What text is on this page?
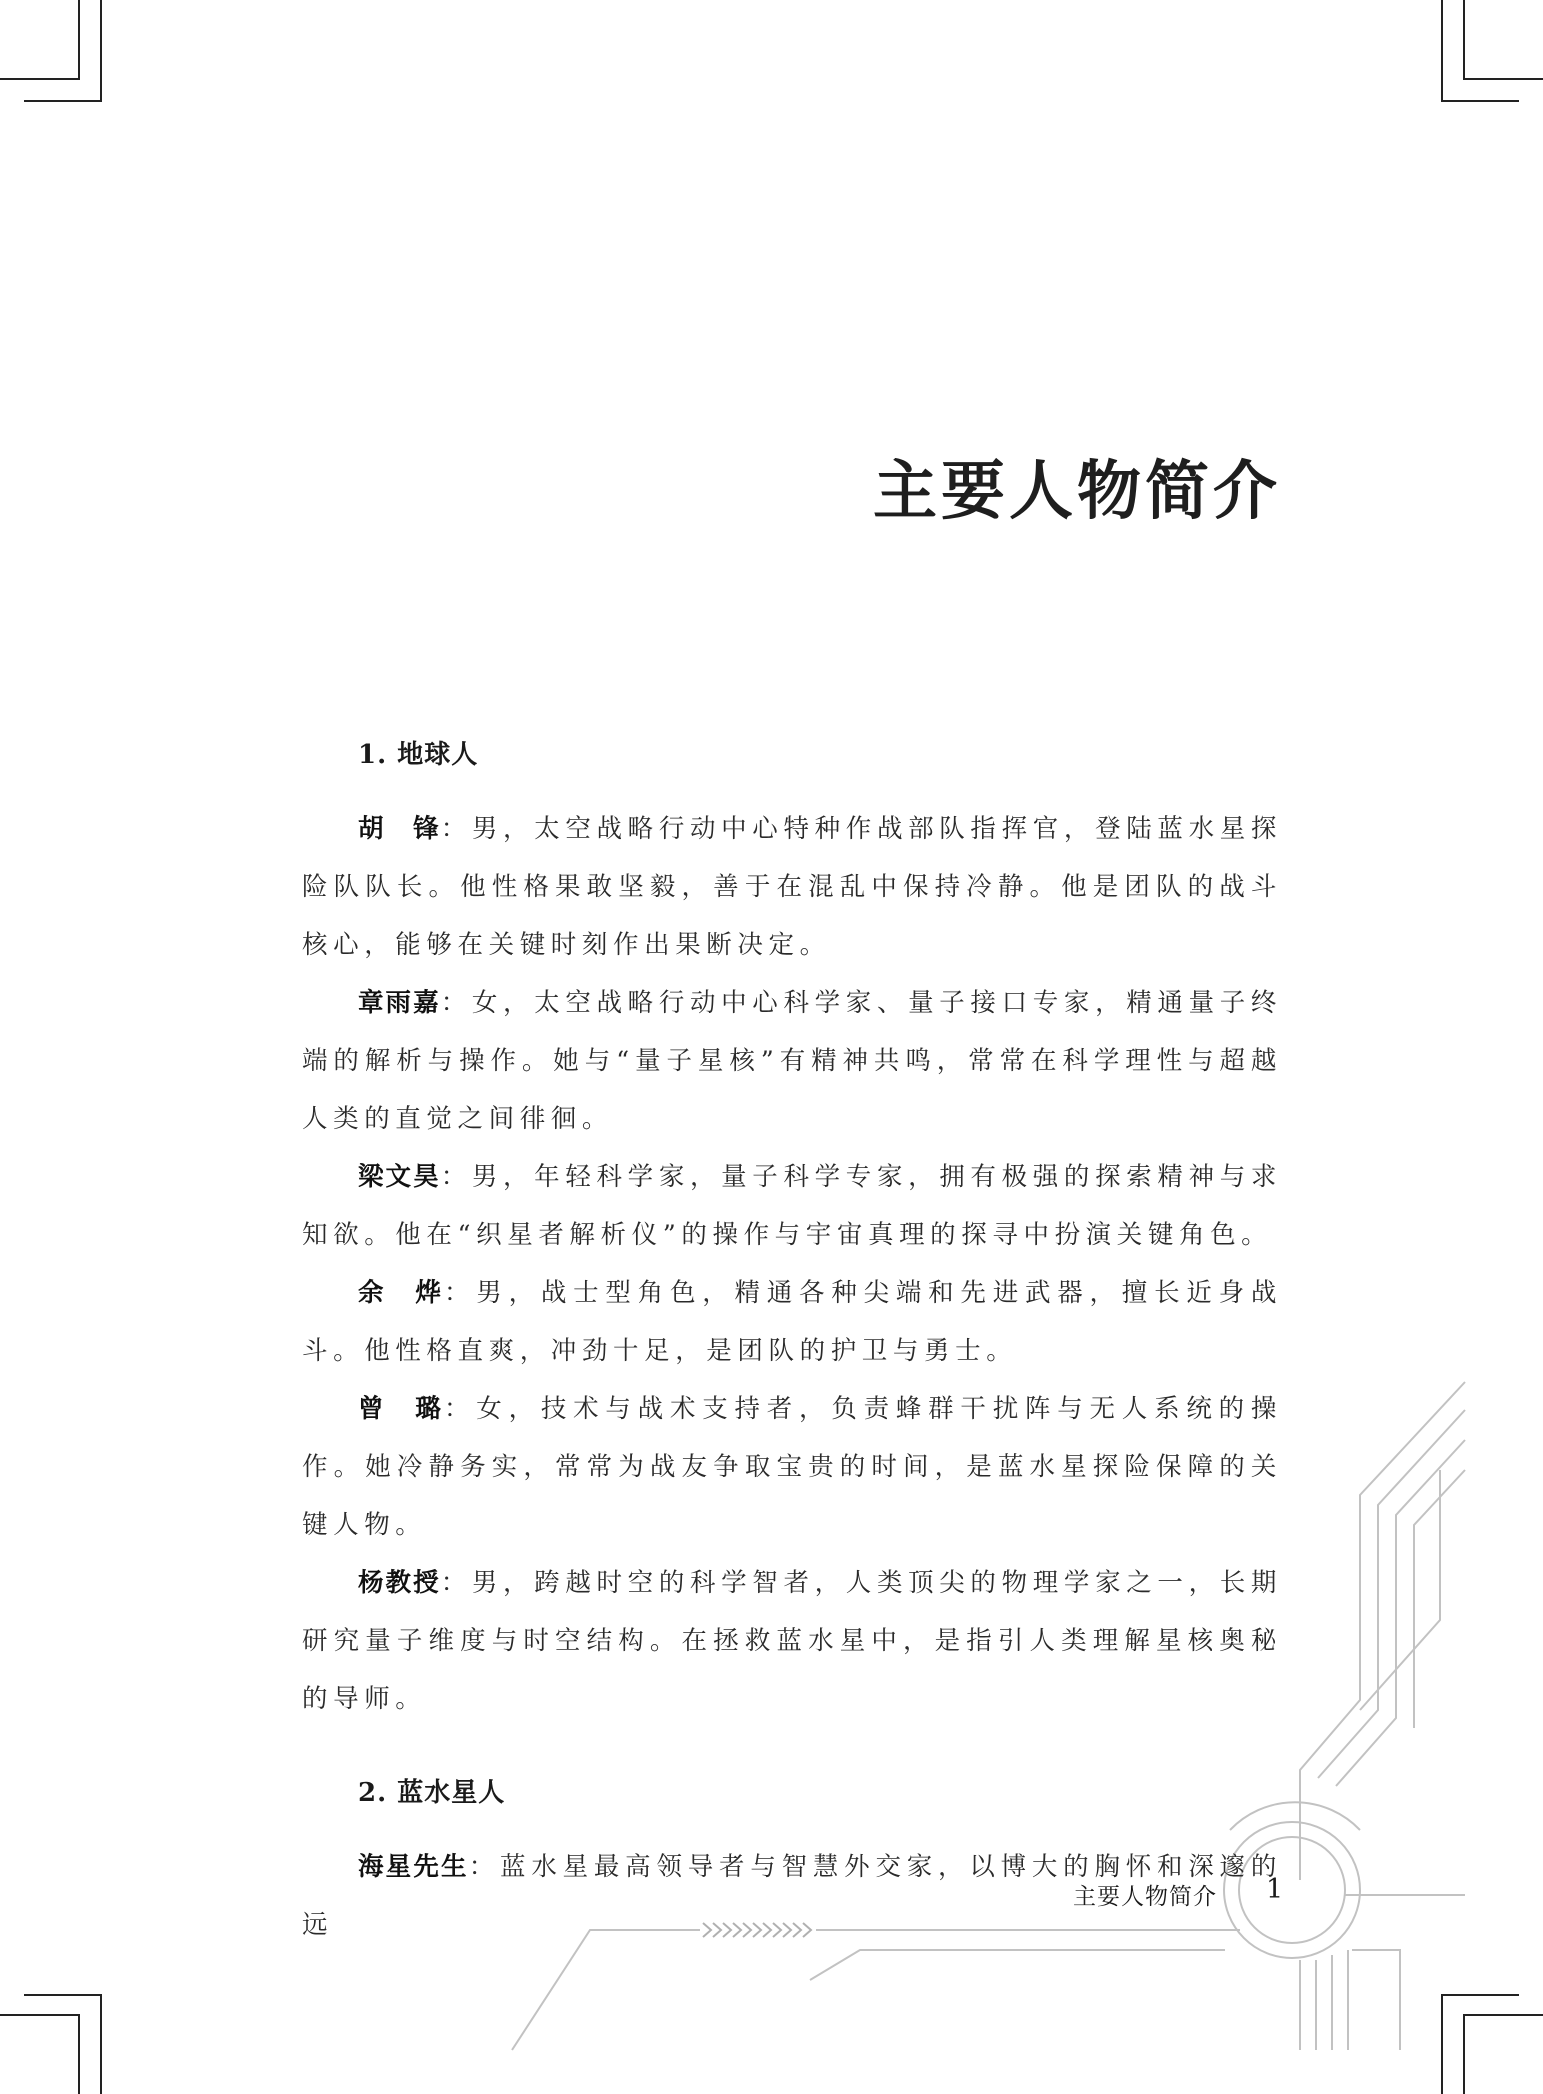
主要人物简介
1. 地球人

胡　锋：男，太空战略行动中心特种作战部队指挥官，登陆蓝水星探险队队长。他性格果敢坚毅，善于在混乱中保持冷静。他是团队的战斗核心，能够在关键时刻作出果断决定。

章雨嘉：女，太空战略行动中心科学家、量子接口专家，精通量子终端的解析与操作。她与“量子星核”有精神共鸣，常常在科学理性与超越人类的直觉之间徘徊。

梁文昊：男，年轻科学家，量子科学专家，拥有极强的探索精神与求知欲。他在“织星者解析仪”的操作与宇宙真理的探寻中扮演关键角色。

余　烨：男，战士型角色，精通各种尖端和先进武器，擅长近身战斗。他性格直爽，冲劲十足，是团队的护卫与勇士。

曾　璐：女，技术与战术支持者，负责蜂群干扰阵与无人系统的操作。她冷静务实，常常为战友争取宝贵的时间，是蓝水星探险保障的关键人物。

杨教授：男，跨越时空的科学智者，人类顶尖的物理学家之一，长期研究量子维度与时空结构。在拯救蓝水星中，是指引人类理解星核奥秘的导师。

2. 蓝水星人

海星先生：蓝水星最高领导者与智慧外交家，以博大的胸怀和深邃的远

主要人物简介 1
